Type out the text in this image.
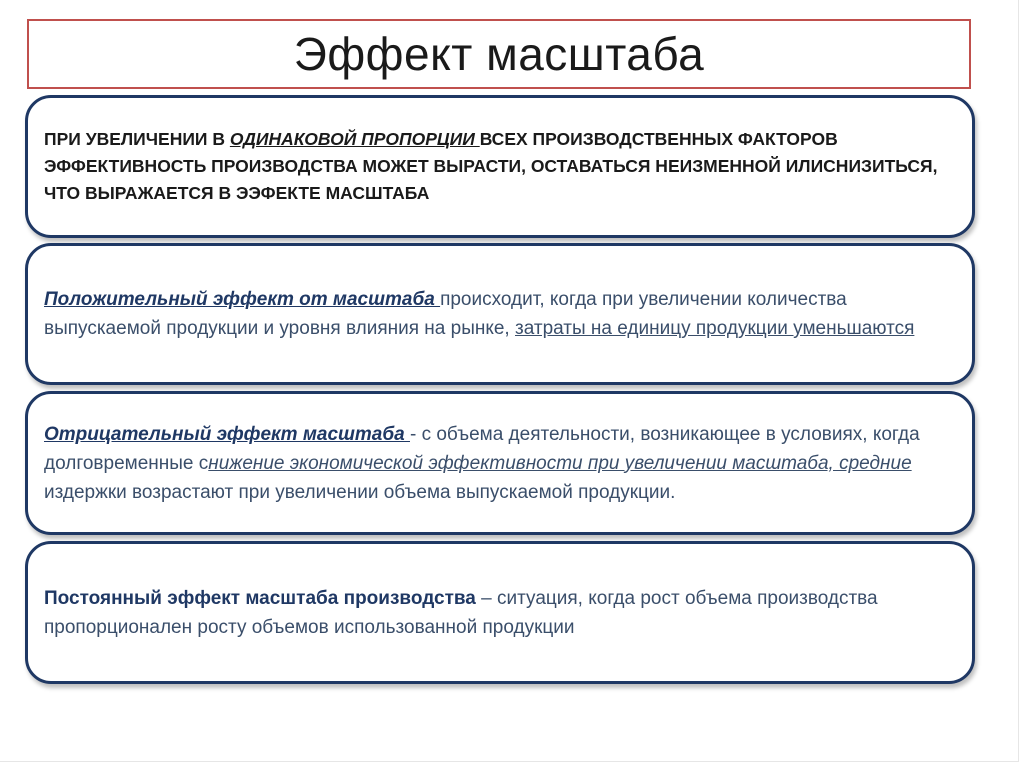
Эффект масштаба

ПРИ УВЕЛИЧЕНИИ В ОДИНАКОВОЙ ПРОПОРЦИИ ВСЕХ ПРОИЗВОДСТВЕННЫХ ФАКТОРОВ ЭФФЕКТИВНОСТЬ ПРОИЗВОДСТВА МОЖЕТ ВЫРАСТИ, ОСТАВАТЬСЯ НЕИЗМЕННОЙ ИЛИСНИЗИТЬСЯ, ЧТО ВЫРАЖАЕТСЯ В ЭЭФЕКТЕ МАСШТАБА

Положительный эффект от масштаба происходит, когда при увеличении количества выпускаемой продукции и уровня влияния на рынке, затраты на единицу продукции уменьшаются

Отрицательный эффект масштаба - с объема деятельности, возникающее в условиях, когда долговременные снижение экономической эффективности при увеличении масштаба, средние издержки возрастают при увеличении объема выпускаемой продукции.

Постоянный эффект масштаба производства – ситуация, когда рост объема производства пропорционален росту объемов использованной продукции
